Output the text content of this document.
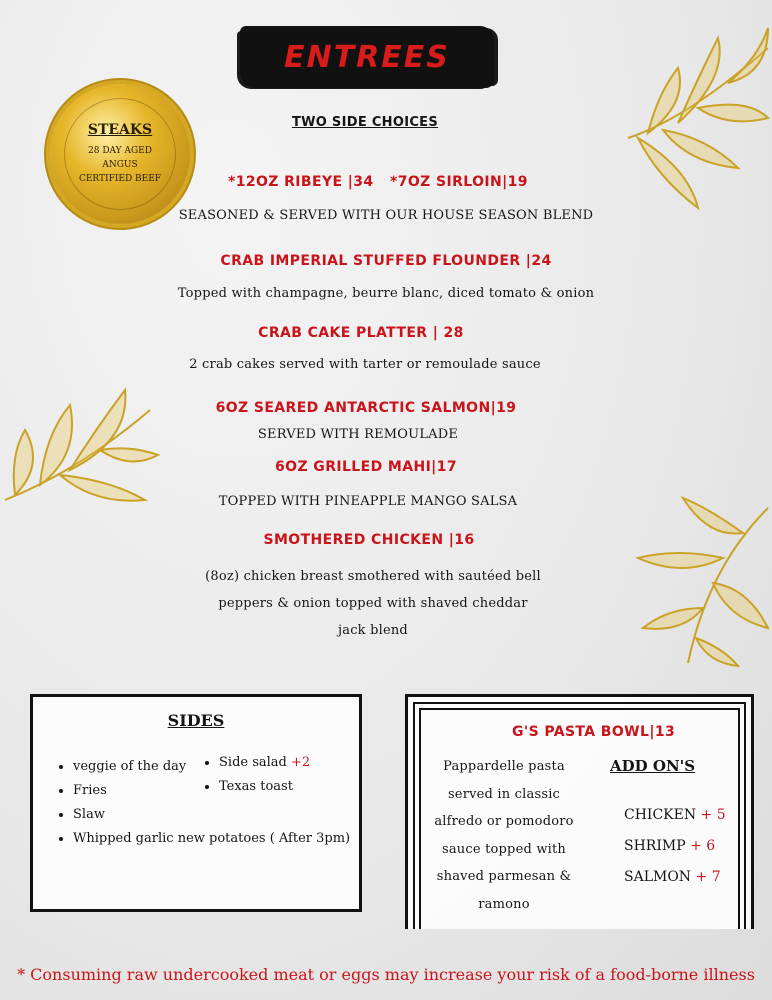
ENTREES
TWO SIDE CHOICES
STEAKS
28 DAY AGED
ANGUS
CERTIFIED BEEF	*12OZ RIBEYE |34 *7OZ SIRLOIN|19
SEASONED & SERVED WITH OUR HOUSE SEASON BLEND
CRAB IMPERIAL STUFFED FLOUNDER |24
Topped with champagne, beurre blanc, diced tomato & onion
CRAB CAKE PLATTER | 28
2 crab cakes served with tarter or remoulade sauce
6OZ SEARED ANTARCTIC SALMON|19
SERVED WITH REMOULADE
6OZ GRILLED MAHI|17
TOPPED WITH PINEAPPLE MANGO SALSA
SMOTHERED CHICKEN |16
(8oz) chicken breast smothered with sautéed bell peppers & onion topped with shaved cheddar jack blend
SIDES
• veggie of the day
• Fries
• Slaw
• Whipped garlic new potatoes ( After 3pm)
• Side salad +2
• Texas toast
G'S PASTA BOWL|13
Pappardelle pasta
served in classic
alfredo or pomodoro
sauce topped with
shaved parmesan &
ramono
ADD ON'S
CHICKEN + 5
SHRIMP + 6
SALMON + 7
* Consuming raw undercooked meat or eggs may increase your risk of a food-borne illness
